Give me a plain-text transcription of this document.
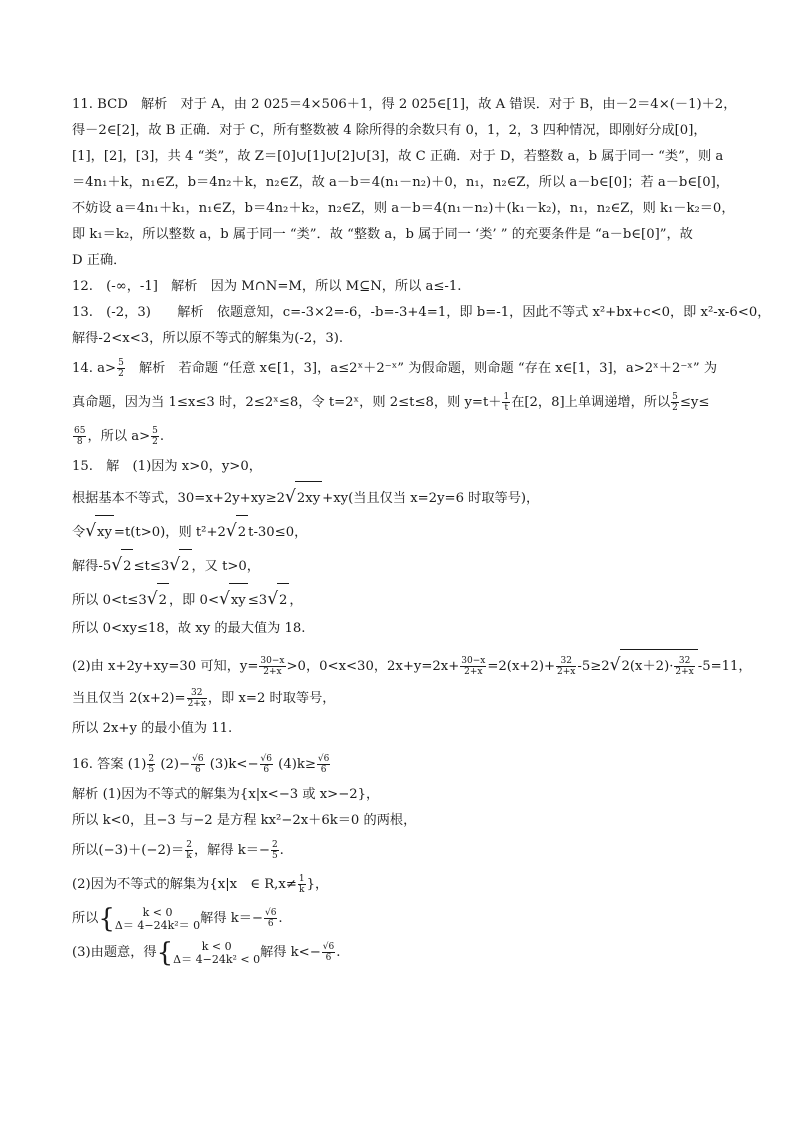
11. BCD　解析　对于 A，由 2 025＝4×506＋1，得 2 025∈[1]，故 A 错误．对于 B，由－2＝4×(－1)＋2，
得－2∈[2]，故 B 正确．对于 C，所有整数被 4 除所得的余数只有 0，1，2，3 四种情况，即刚好分成[0]，
[1]，[2]，[3]，共 4 “类”，故 Z＝[0]∪[1]∪[2]∪[3]，故 C 正确．对于 D，若整数 a，b 属于同一 “类”，则 a
＝4n₁＋k，n₁∈Z，b＝4n₂＋k，n₂∈Z，故 a－b＝4(n₁－n₂)＋0，n₁，n₂∈Z，所以 a－b∈[0]；若 a－b∈[0]，
不妨设 a＝4n₁＋k₁，n₁∈Z，b＝4n₂＋k₂，n₂∈Z，则 a－b＝4(n₁－n₂)＋(k₁－k₂)，n₁，n₂∈Z，则 k₁－k₂＝0，
即 k₁＝k₂，所以整数 a，b 属于同一 “类”．故 “整数 a，b 属于同一 ‘类’ ” 的充要条件是 “a－b∈[0]”，故
D 正确．
12.　(-∞，-1]　解析　因为 M∩N=M，所以 M⊆N，所以 a≤-1.
13.　(-2，3)　　解析　依题意知，c=-3×2=-6，-b=-3+4=1，即 b=-1，因此不等式 x²+bx+c<0，即 x²-x-6<0，
解得-2<x<3，所以原不等式的解集为(-2，3).
14. $a> \frac{5}{2}$ 　解析　若命题 “任意 x∈[1，3]，a≤2ˣ＋2⁻ˣ” 为假命题，则命题 “存在 x∈[1，3]，a>2ˣ＋2⁻ˣ” 为
真命题，因为当 1≤x≤3 时，2≤2ˣ≤8，令 t=2ˣ，则 2≤t≤8，则 $y=t+ \frac{1}{t}$ 在[2，8]上单调递增，所以 $\frac{5}{2} \le y\le$
$\frac{65}{8}$ ，所以 $a> \frac{5}{2}$ .
15.　解　(1)因为 x>0，y>0，
根据基本不等式，30=x+2y+xy≥2√2xy +xy(当且仅当 x=2y=6 时取等号)，
令√xy =t(t>0)，则 t²+2√2 t-30≤0，
解得-5√2 ≤t≤3√2 ，又 t>0，
所以 0<t≤3√2 ，即 0<√xy ≤3√2 ，
所以 0<xy≤18，故 xy 的最大值为 18.
(2)由 x+2y+xy=30 可知，$y= \frac{30-x}{2+x} >0$，0<x<30，$2x+y=2x+ \frac{30-x}{2+x} =2(x+2)+ \frac{32}{2+x} -5\ge 2√2(x+2)\cdot \frac{32}{2+x} -5=11$，
当且仅当 $2(x+2)= \frac{32}{2+x}$ ，即 x=2 时取等号，
所以 2x+y 的最小值为 11.
16. 答案 $(1) \frac{2}{5} (2)- \frac{√6}{6} (3)k<- \frac{√6}{6} (4)k\ge \frac{√6}{6}$
解析 (1)因为不等式的解集为{x|x<−3 或 x>−2}，
所以 k<0，且−3 与−2 是方程 kx²−2x＋6k＝0 的两根，
所以$(-3)+(-2)= \frac{2}{k}$ ，解得 $k=- \frac{2}{5}$ .
(2)因为不等式的解集为{x|x　∈ $R,x\ne \frac{1}{k}$ }，
所以{	k < 0
Δ＝ 4−24k²＝ 0 解得 $k=- \frac{√6}{6}$ .
(3)由题意，得{	k < 0
Δ＝ 4−24k² < 0 解得 $k<- \frac{√6}{6}$ .
